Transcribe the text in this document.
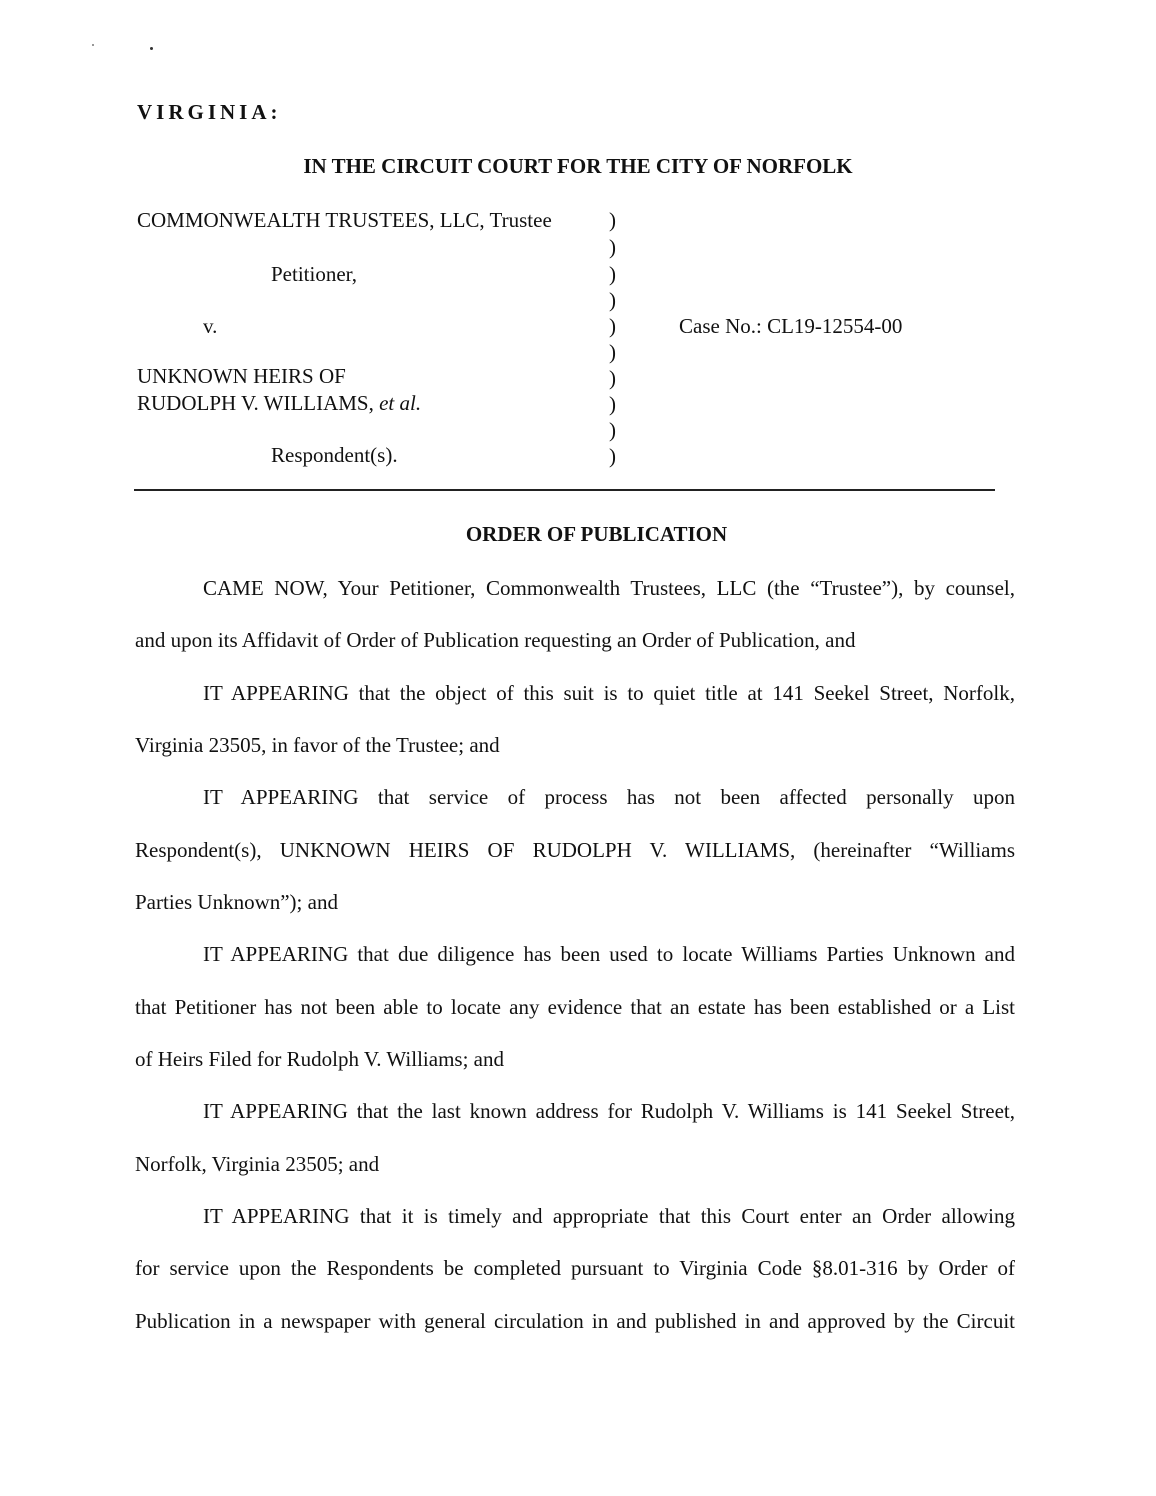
VIRGINIA:
IN THE CIRCUIT COURT FOR THE CITY OF NORFOLK
COMMONWEALTH TRUSTEES, LLC, Trustee
Petitioner,
v.
UNKNOWN HEIRS OF
RUDOLPH V. WILLIAMS, et al.
Respondent(s).
Case No.: CL19-12554-00
)
)
)
)
)
)
)
)
)
)
ORDER OF PUBLICATION
CAME NOW, Your Petitioner, Commonwealth Trustees, LLC (the “Trustee”), by counsel,
and upon its Affidavit of Order of Publication requesting an Order of Publication, and
IT APPEARING that the object of this suit is to quiet title at 141 Seekel Street, Norfolk,
Virginia 23505, in favor of the Trustee; and
IT APPEARING that service of process has not been affected personally upon
Respondent(s), UNKNOWN HEIRS OF RUDOLPH V. WILLIAMS, (hereinafter “Williams
Parties Unknown”); and
IT APPEARING that due diligence has been used to locate Williams Parties Unknown and
that Petitioner has not been able to locate any evidence that an estate has been established or a List
of Heirs Filed for Rudolph V. Williams; and
IT APPEARING that the last known address for Rudolph V. Williams is 141 Seekel Street,
Norfolk, Virginia 23505; and
IT APPEARING that it is timely and appropriate that this Court enter an Order allowing
for service upon the Respondents be completed pursuant to Virginia Code §8.01-316 by Order of
Publication in a newspaper with general circulation in and published in and approved by the Circuit
